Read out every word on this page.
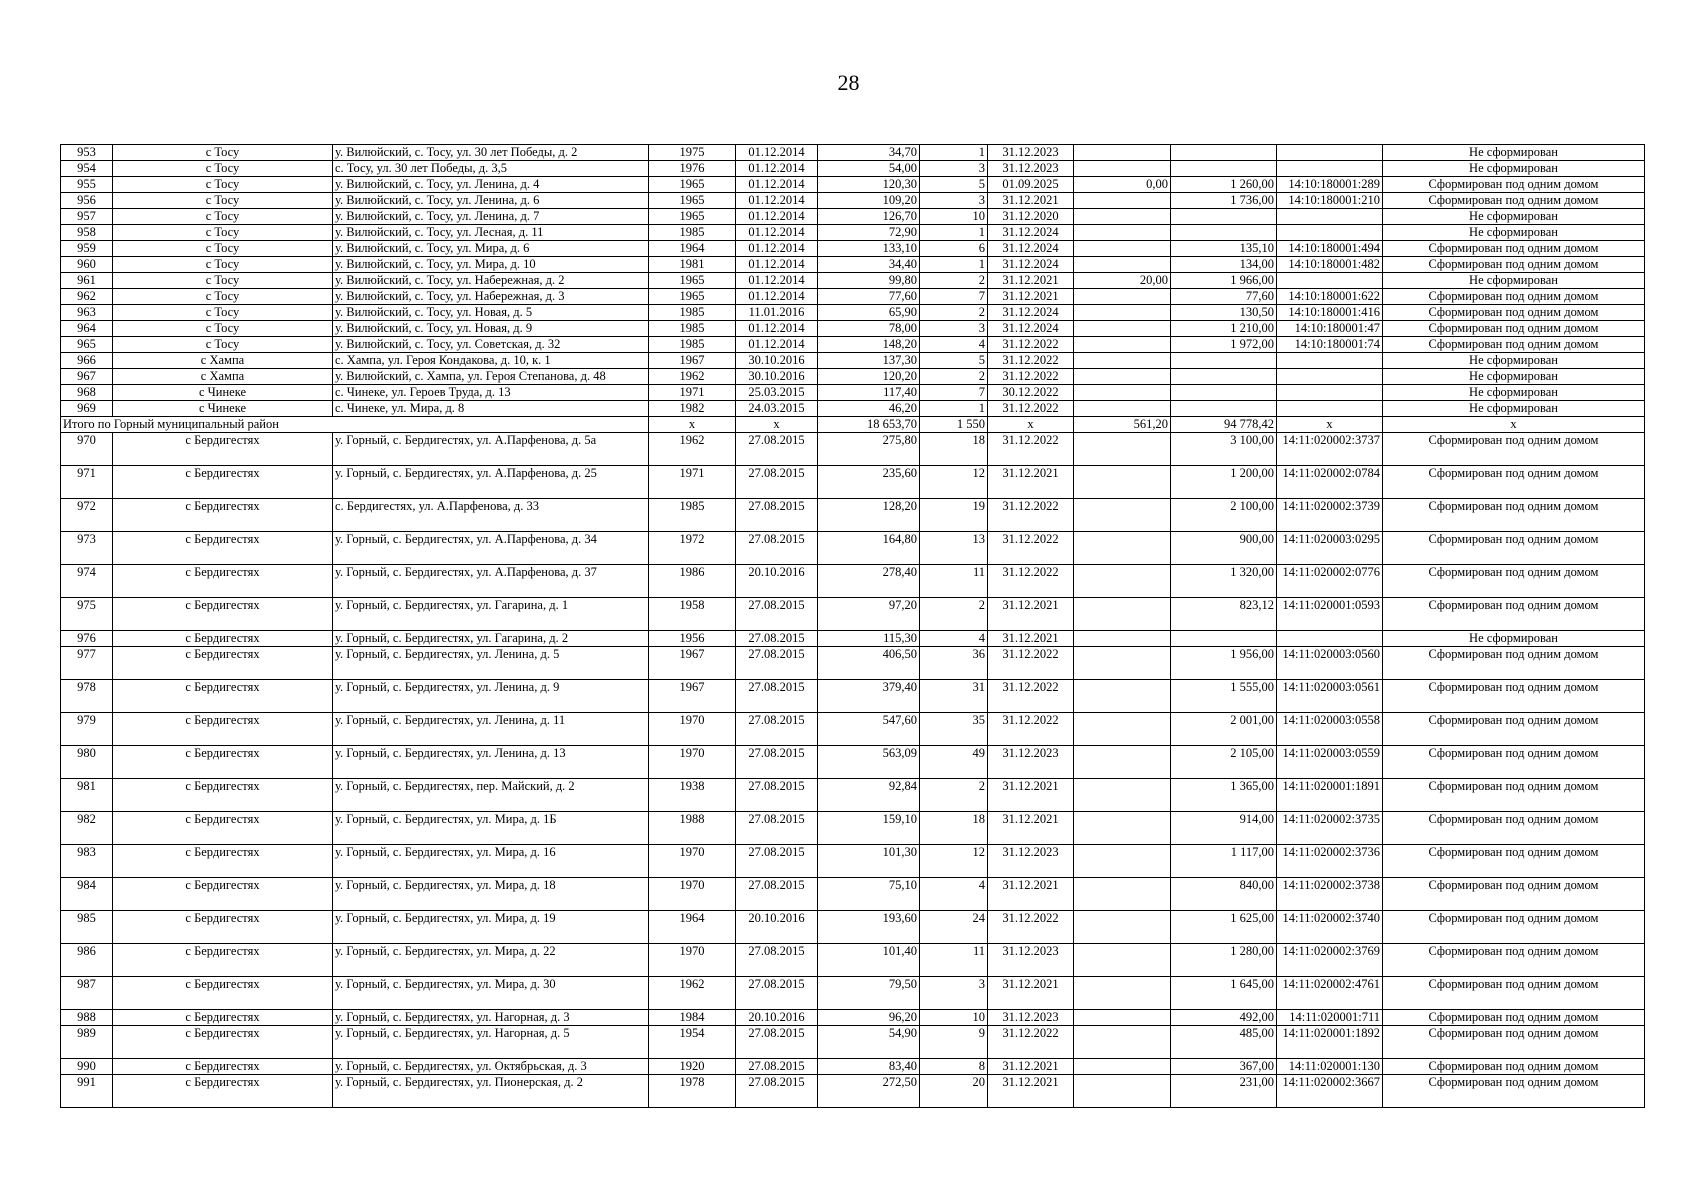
28
953	с Тосу	у. Вилюйский, с. Тосу, ул. 30 лет Победы, д. 2	1975	01.12.2014	34,70	1	31.12.2023				Не сформирован
954	с Тосу	с. Тосу, ул. 30 лет Победы, д. 3,5	1976	01.12.2014	54,00	3	31.12.2023				Не сформирован
955	с Тосу	у. Вилюйский, с. Тосу, ул. Ленина, д. 4	1965	01.12.2014	120,30	5	01.09.2025	0,00	1 260,00	14:10:180001:289	Сформирован под одним домом
956	с Тосу	у. Вилюйский, с. Тосу, ул. Ленина, д. 6	1965	01.12.2014	109,20	3	31.12.2021		1 736,00	14:10:180001:210	Сформирован под одним домом
957	с Тосу	у. Вилюйский, с. Тосу, ул. Ленина, д. 7	1965	01.12.2014	126,70	10	31.12.2020				Не сформирован
958	с Тосу	у. Вилюйский, с. Тосу, ул. Лесная, д. 11	1985	01.12.2014	72,90	1	31.12.2024				Не сформирован
959	с Тосу	у. Вилюйский, с. Тосу, ул. Мира, д. 6	1964	01.12.2014	133,10	6	31.12.2024		135,10	14:10:180001:494	Сформирован под одним домом
960	с Тосу	у. Вилюйский, с. Тосу, ул. Мира, д. 10	1981	01.12.2014	34,40	1	31.12.2024		134,00	14:10:180001:482	Сформирован под одним домом
961	с Тосу	у. Вилюйский, с. Тосу, ул. Набережная, д. 2	1965	01.12.2014	99,80	2	31.12.2021	20,00	1 966,00		Не сформирован
962	с Тосу	у. Вилюйский, с. Тосу, ул. Набережная, д. 3	1965	01.12.2014	77,60	7	31.12.2021		77,60	14:10:180001:622	Сформирован под одним домом
963	с Тосу	у. Вилюйский, с. Тосу, ул. Новая, д. 5	1985	11.01.2016	65,90	2	31.12.2024		130,50	14:10:180001:416	Сформирован под одним домом
964	с Тосу	у. Вилюйский, с. Тосу, ул. Новая, д. 9	1985	01.12.2014	78,00	3	31.12.2024		1 210,00	14:10:180001:47	Сформирован под одним домом
965	с Тосу	у. Вилюйский, с. Тосу, ул. Советская, д. 32	1985	01.12.2014	148,20	4	31.12.2022		1 972,00	14:10:180001:74	Сформирован под одним домом
966	с Хампа	с. Хампа, ул. Героя Кондакова, д. 10, к. 1	1967	30.10.2016	137,30	5	31.12.2022				Не сформирован
967	с Хампа	у. Вилюйский, с. Хампа, ул. Героя Степанова, д. 48	1962	30.10.2016	120,20	2	31.12.2022				Не сформирован
968	с Чинеке	с. Чинеке, ул. Героев Труда, д. 13	1971	25.03.2015	117,40	7	30.12.2022				Не сформирован
969	с Чинеке	с. Чинеке, ул. Мира, д. 8	1982	24.03.2015	46,20	1	31.12.2022				Не сформирован
Итого по Горный муниципальный район			x	x	18 653,70	1 550	x	561,20	94 778,42	x	x
970	с Бердигестях	у. Горный, с. Бердигестях, ул. А.Парфенова, д. 5а	1962	27.08.2015	275,80	18	31.12.2022		3 100,00	14:11:020002:3737	Сформирован под одним домом
971	с Бердигестях	у. Горный, с. Бердигестях, ул. А.Парфенова, д. 25	1971	27.08.2015	235,60	12	31.12.2021		1 200,00	14:11:020002:0784	Сформирован под одним домом
972	с Бердигестях	с. Бердигестях, ул. А.Парфенова, д. 33	1985	27.08.2015	128,20	19	31.12.2022		2 100,00	14:11:020002:3739	Сформирован под одним домом
973	с Бердигестях	у. Горный, с. Бердигестях, ул. А.Парфенова, д. 34	1972	27.08.2015	164,80	13	31.12.2022		900,00	14:11:020003:0295	Сформирован под одним домом
974	с Бердигестях	у. Горный, с. Бердигестях, ул. А.Парфенова, д. 37	1986	20.10.2016	278,40	11	31.12.2022		1 320,00	14:11:020002:0776	Сформирован под одним домом
975	с Бердигестях	у. Горный, с. Бердигестях, ул. Гагарина, д. 1	1958	27.08.2015	97,20	2	31.12.2021		823,12	14:11:020001:0593	Сформирован под одним домом
976	с Бердигестях	у. Горный, с. Бердигестях, ул. Гагарина, д. 2	1956	27.08.2015	115,30	4	31.12.2021				Не сформирован
977	с Бердигестях	у. Горный, с. Бердигестях, ул. Ленина, д. 5	1967	27.08.2015	406,50	36	31.12.2022		1 956,00	14:11:020003:0560	Сформирован под одним домом
978	с Бердигестях	у. Горный, с. Бердигестях, ул. Ленина, д. 9	1967	27.08.2015	379,40	31	31.12.2022		1 555,00	14:11:020003:0561	Сформирован под одним домом
979	с Бердигестях	у. Горный, с. Бердигестях, ул. Ленина, д. 11	1970	27.08.2015	547,60	35	31.12.2022		2 001,00	14:11:020003:0558	Сформирован под одним домом
980	с Бердигестях	у. Горный, с. Бердигестях, ул. Ленина, д. 13	1970	27.08.2015	563,09	49	31.12.2023		2 105,00	14:11:020003:0559	Сформирован под одним домом
981	с Бердигестях	у. Горный, с. Бердигестях, пер. Майский, д. 2	1938	27.08.2015	92,84	2	31.12.2021		1 365,00	14:11:020001:1891	Сформирован под одним домом
982	с Бердигестях	у. Горный, с. Бердигестях, ул. Мира, д. 1Б	1988	27.08.2015	159,10	18	31.12.2021		914,00	14:11:020002:3735	Сформирован под одним домом
983	с Бердигестях	у. Горный, с. Бердигестях, ул. Мира, д. 16	1970	27.08.2015	101,30	12	31.12.2023		1 117,00	14:11:020002:3736	Сформирован под одним домом
984	с Бердигестях	у. Горный, с. Бердигестях, ул. Мира, д. 18	1970	27.08.2015	75,10	4	31.12.2021		840,00	14:11:020002:3738	Сформирован под одним домом
985	с Бердигестях	у. Горный, с. Бердигестях, ул. Мира, д. 19	1964	20.10.2016	193,60	24	31.12.2022		1 625,00	14:11:020002:3740	Сформирован под одним домом
986	с Бердигестях	у. Горный, с. Бердигестях, ул. Мира, д. 22	1970	27.08.2015	101,40	11	31.12.2023		1 280,00	14:11:020002:3769	Сформирован под одним домом
987	с Бердигестях	у. Горный, с. Бердигестях, ул. Мира, д. 30	1962	27.08.2015	79,50	3	31.12.2021		1 645,00	14:11:020002:4761	Сформирован под одним домом
988	с Бердигестях	у. Горный, с. Бердигестях, ул. Нагорная, д. 3	1984	20.10.2016	96,20	10	31.12.2023		492,00	14:11:020001:711	Сформирован под одним домом
989	с Бердигестях	у. Горный, с. Бердигестях, ул. Нагорная, д. 5	1954	27.08.2015	54,90	9	31.12.2022		485,00	14:11:020001:1892	Сформирован под одним домом
990	с Бердигестях	у. Горный, с. Бердигестях, ул. Октябрьская, д. 3	1920	27.08.2015	83,40	8	31.12.2021		367,00	14:11:020001:130	Сформирован под одним домом
991	с Бердигестях	у. Горный, с. Бердигестях, ул. Пионерская, д. 2	1978	27.08.2015	272,50	20	31.12.2021		231,00	14:11:020002:3667	Сформирован под одним домом
